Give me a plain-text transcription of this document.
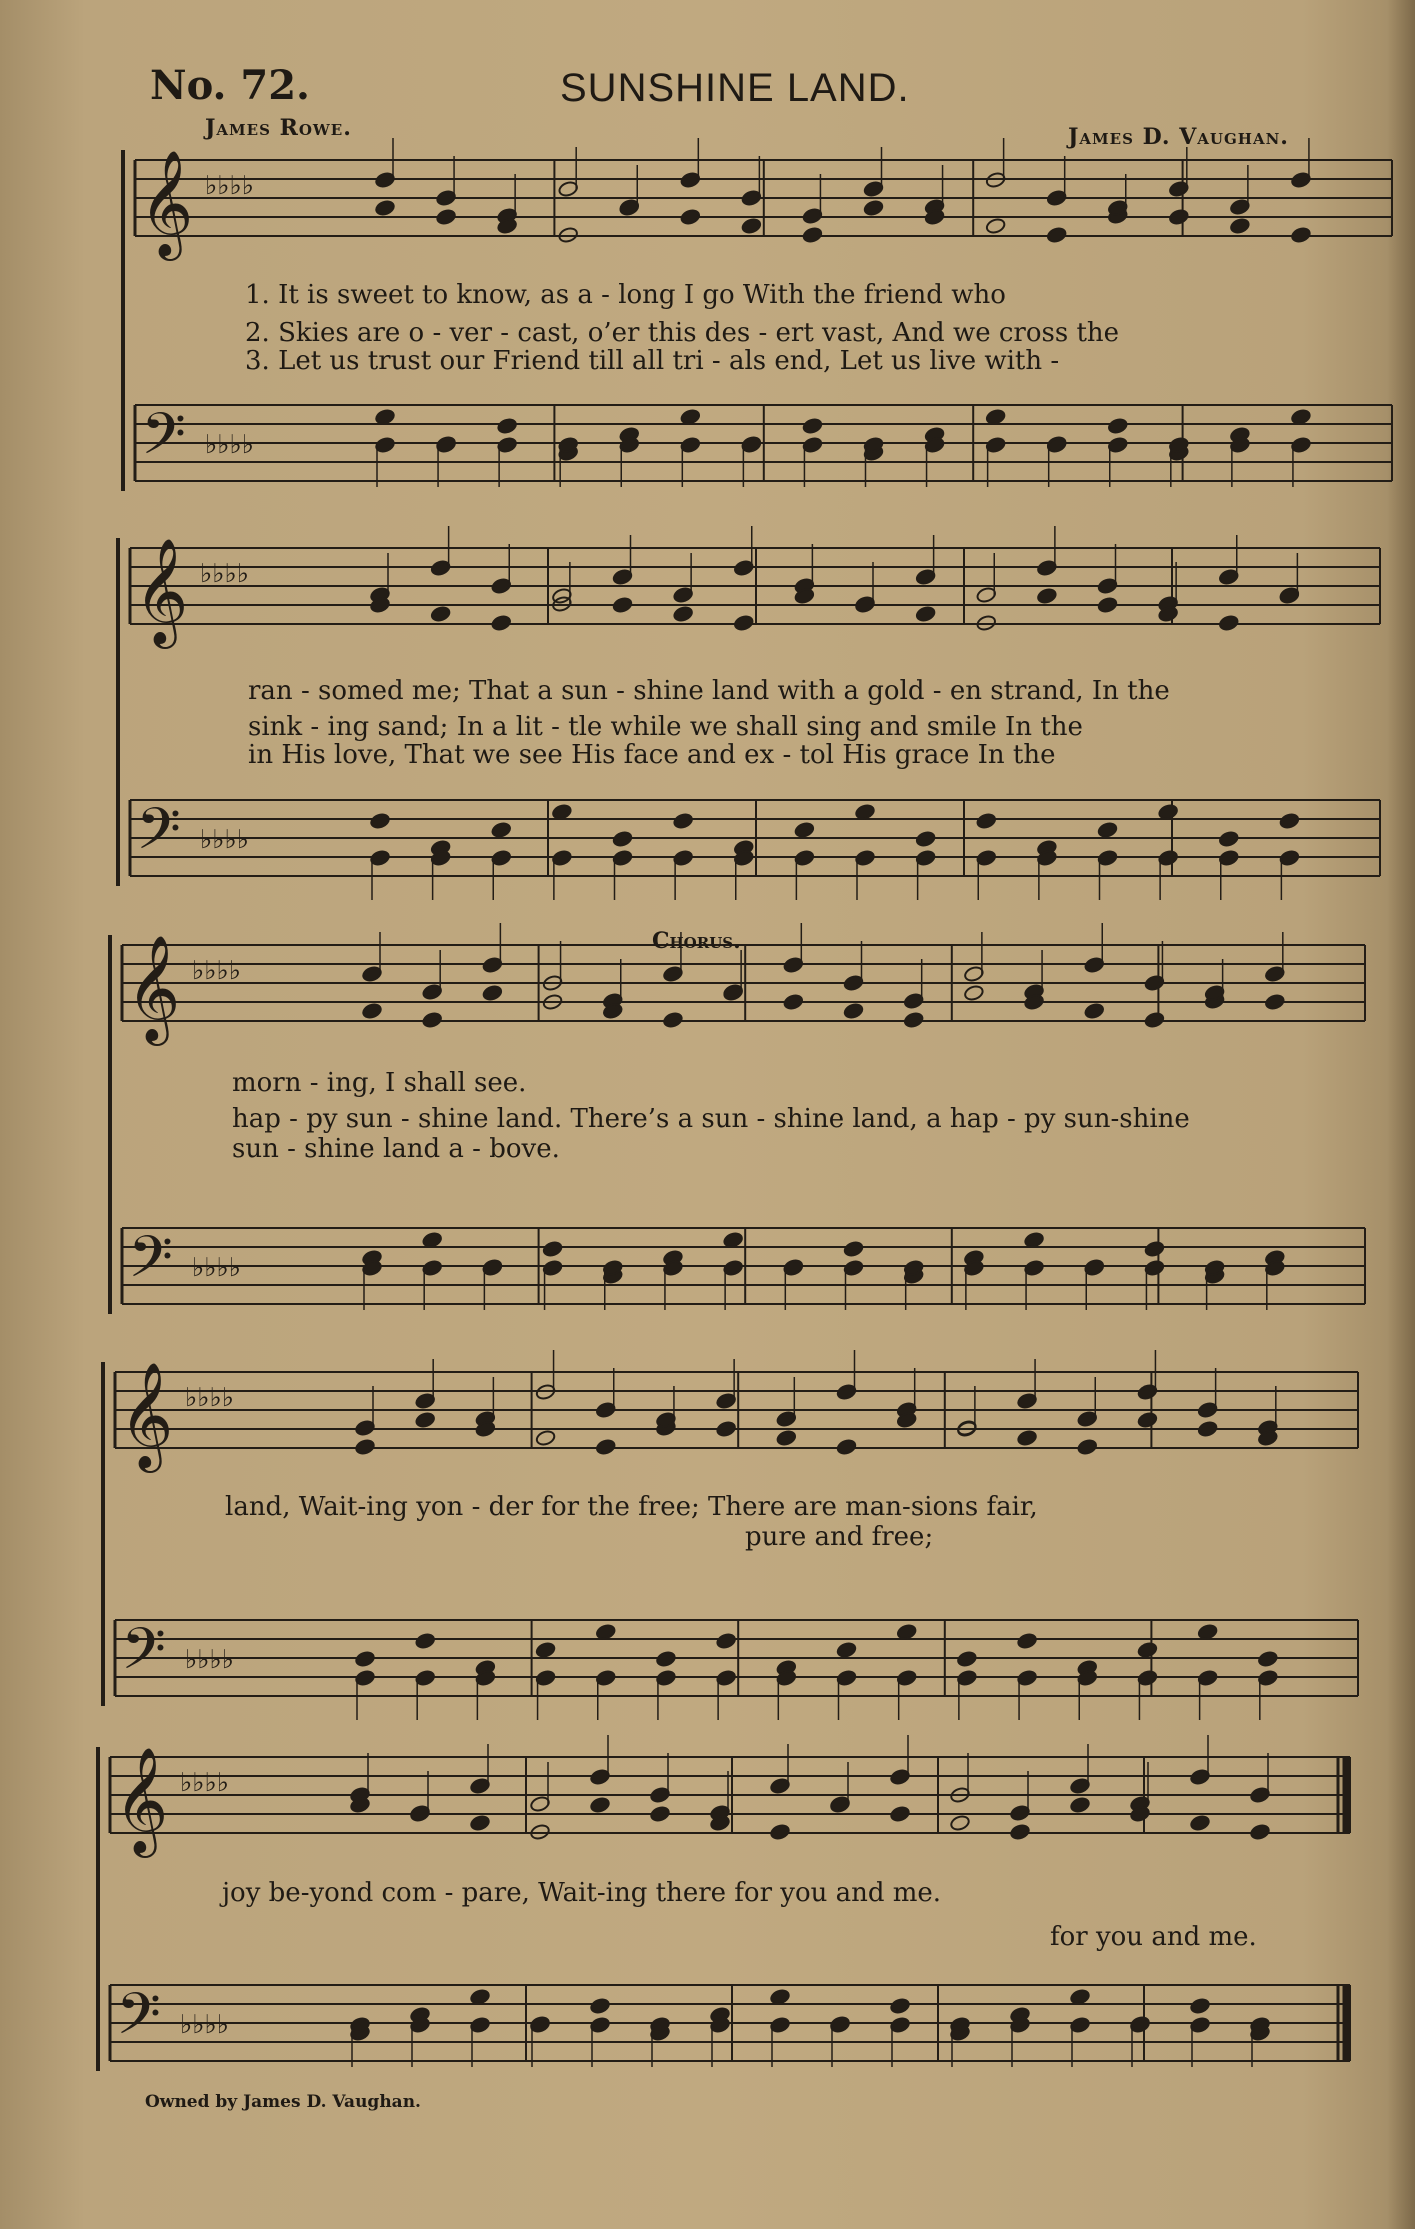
No. 72.	SUNSHINE LAND.
James Rowe.	James D. Vaughan.
𝄞 ♭♭♭♭
𝄢 ♭♭♭♭
𝄞 ♭♭♭♭
𝄢 ♭♭♭♭
𝄞 ♭♭♭♭
𝄢 ♭♭♭♭
𝄞 ♭♭♭♭
𝄢 ♭♭♭♭
𝄞 ♭♭♭♭
𝄢 ♭♭♭♭
1. It is sweet to know, as a - long I go With the friend who
2. Skies are o - ver - cast, o’er this des - ert vast, And we cross the
3. Let us trust our Friend till all tri - als end, Let us live with -
ran - somed me; That a sun - shine land with a gold - en strand, In the
sink - ing sand; In a lit - tle while we shall sing and smile In the
in His love, That we see His face and ex - tol His grace In the
Chorus.
morn - ing, I shall see.
hap - py sun - shine land. There’s a sun - shine land, a hap - py sun-shine
sun - shine land a - bove.
land, Wait-ing yon - der for the free; There are man-sions fair,
pure and free;
joy be-yond com - pare, Wait-ing there for you and me.
for you and me.
Owned by James D. Vaughan.
